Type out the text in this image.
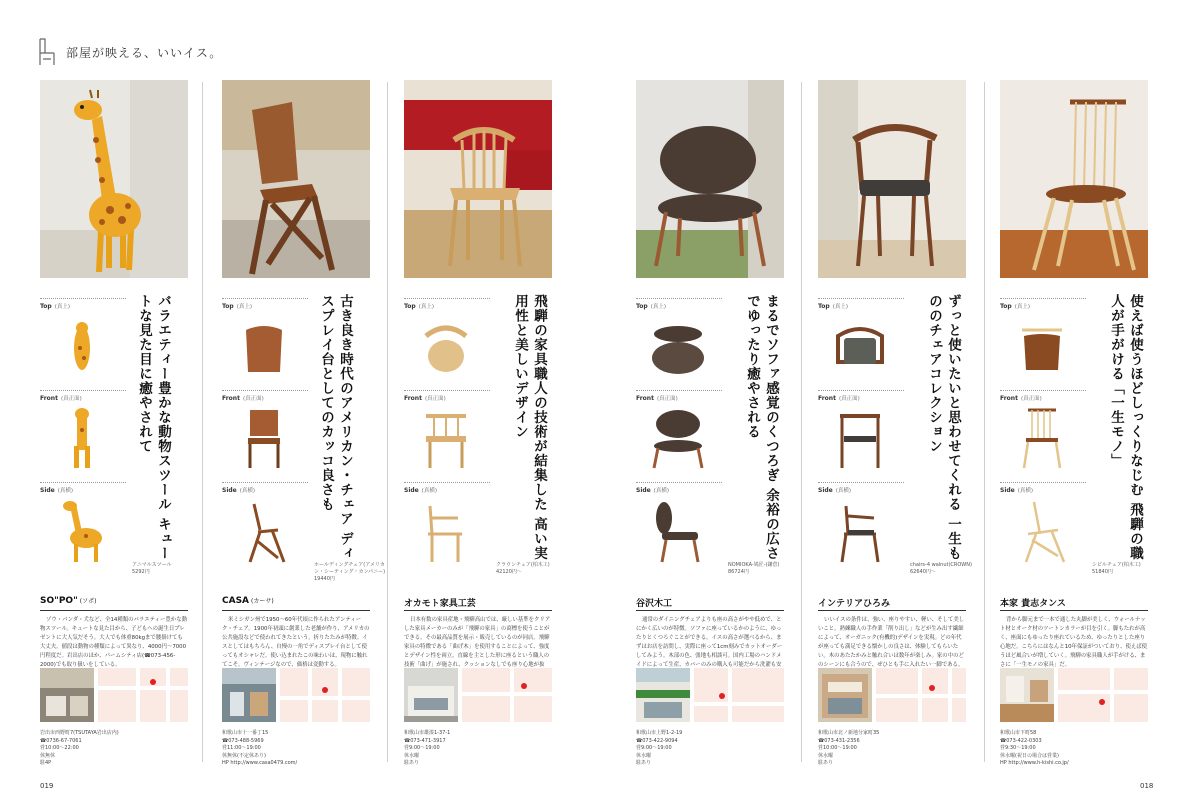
部屋が映える、いいイス。
バラエティー豊かな動物スツール キュートな見た目に癒やされて
Top (真上)
Front (真正面)
Side (真横)
アニマルスツール
5292円
SO"PO" (ソポ)
ゾウ・パンダ・犬など、全14種類のバラエティー豊かな動物スツール。キュートな見た目から、子どもへの誕生日プレゼントに大人気だそう。大人でも体重80kgまで腰掛けても大丈夫。値段は動物の種類によって異なり、4000円～7000円程度だ。岩出店のほか、パームシティ店(☎073-456-2000)でも取り扱いをしている。
岩出市西野町7(TSUTAYA岩出店内)
☎0736-67-7061
営10:00～22:00
休無休
駐4P
古き良き時代のアメリカン・チェア ディスプレイ台としてのカッコ良さも
Top (真上)
Front (真正面)
Side (真横)
ホールディングチェア(アメリカン・シーティング・カンパニー)
19440円
CASA (カーサ)
米ミシガン州で1950～60年代頃に作られたアンティーク・チェア。1900年初頭に創業した老舗が作り、アメリカの公共施設などで使われてきたという。折りたたみが特徴。イスとしてはもちろん、自慢の一角でディスプレイ台として使ってもオシャレだ。使い込まれたこの味わいは、現物に触れてこそ。ヴィンテージなので、価格は変動する。
和歌山市十一番丁15
☎073-488-5969
営11:00～19:00
休無休(不定休あり)
HP http://www.casa0479.com/
飛騨の家具職人の技術が結集した 高い実用性と美しいデザイン
Top (真上)
Front (真正面)
Side (真横)
クラウンチェア(柏木工)
42120円～
オカモト家具工芸
日本有数の家具産地・飛騨高山では、厳しい基準をクリアした家具メーカーのみが「飛騨の家具」の商標を使うことができる。その最高品質を展示・販売しているのが同店。飛騨家具の特徴である「曲げ木」を使用することによって、強度とデザイン性を両立。直線を主とした形に座るという職人の技術「曲げ」が施され、クッションなしでも座り心地が抜
和歌山市雄湊1-37-1
☎073-471-3917
営9:00～19:00
休水曜
駐あり
まるでソファ感覚のくつろぎ 余裕の広さでゆったり癒やされる
Top (真上)
Front (真正面)
Side (真横)
NOMIOKA-鳩匠-(鎌倉)
86724円
谷沢木工
通常のダイニングチェアよりも座の高さがやや低めで、とにかく広いのが特徴。ソファに座っているかのように、ゆったりとくつろぐことができる。イスの高さが選べるから、まずはお店を訪問し、実際に座って1cm刻みでカットオーダーしてみよう。木部の色、張地も相談可。国内工場のハンドメイドによって生産、カバーのみの購入も可能だから洗濯も安
和歌山市上野1-2-19
☎073-422-9094
営9:00～19:00
休水曜
駐あり
ずっと使いたいと思わせてくれる 一生もののチェアコレクション
Top (真上)
Front (真正面)
Side (真横)
chairs-4 walnut(CROWN)
62640円～
インテリアひろみ
いいイスの条件は、強い、座りやすい、軽い、そして美しいこと。熟練職人の手作業「削り出し」などが生み出す繊細によって、オーガニック(有機的)デザインを実現。どの年代が座っても満足できる懐かしの良さは、体験してもらいたい。木のあたたかみと触れ合いは数年が楽しみ。家の中のどのシーンにも合うので、ぜひとも手に入れたい一脚である。
和歌山市北ノ新地分家町35
☎073-431-2356
営10:00～19:00
休水曜
駐あり
使えば使うほどしっくりなじむ 飛騨の職人が手がける「一生モノ」
Top (真上)
Front (真正面)
Side (真横)
シビルチェア(柏木工)
51840円
本家 貴志タンス
背から脚元まで一本で通した丸脚が美しく、ウォールナット材とオーク材のツートンカラーが目を引く。脚もたれが高く、座面にもゆったり座れているため、ゆったりとした座り心地だ。こちらにはなんと10年保証がついており、使えば使うほど風合いが増していく。飛騨の家具職人が手がける、まさに「一生モノの家具」だ。
和歌山市下町58
☎073-422-0303
営9:30～19:00
休水曜(祝日の場合は営業)
HP http://www.h-kishi.co.jp/
019	018
